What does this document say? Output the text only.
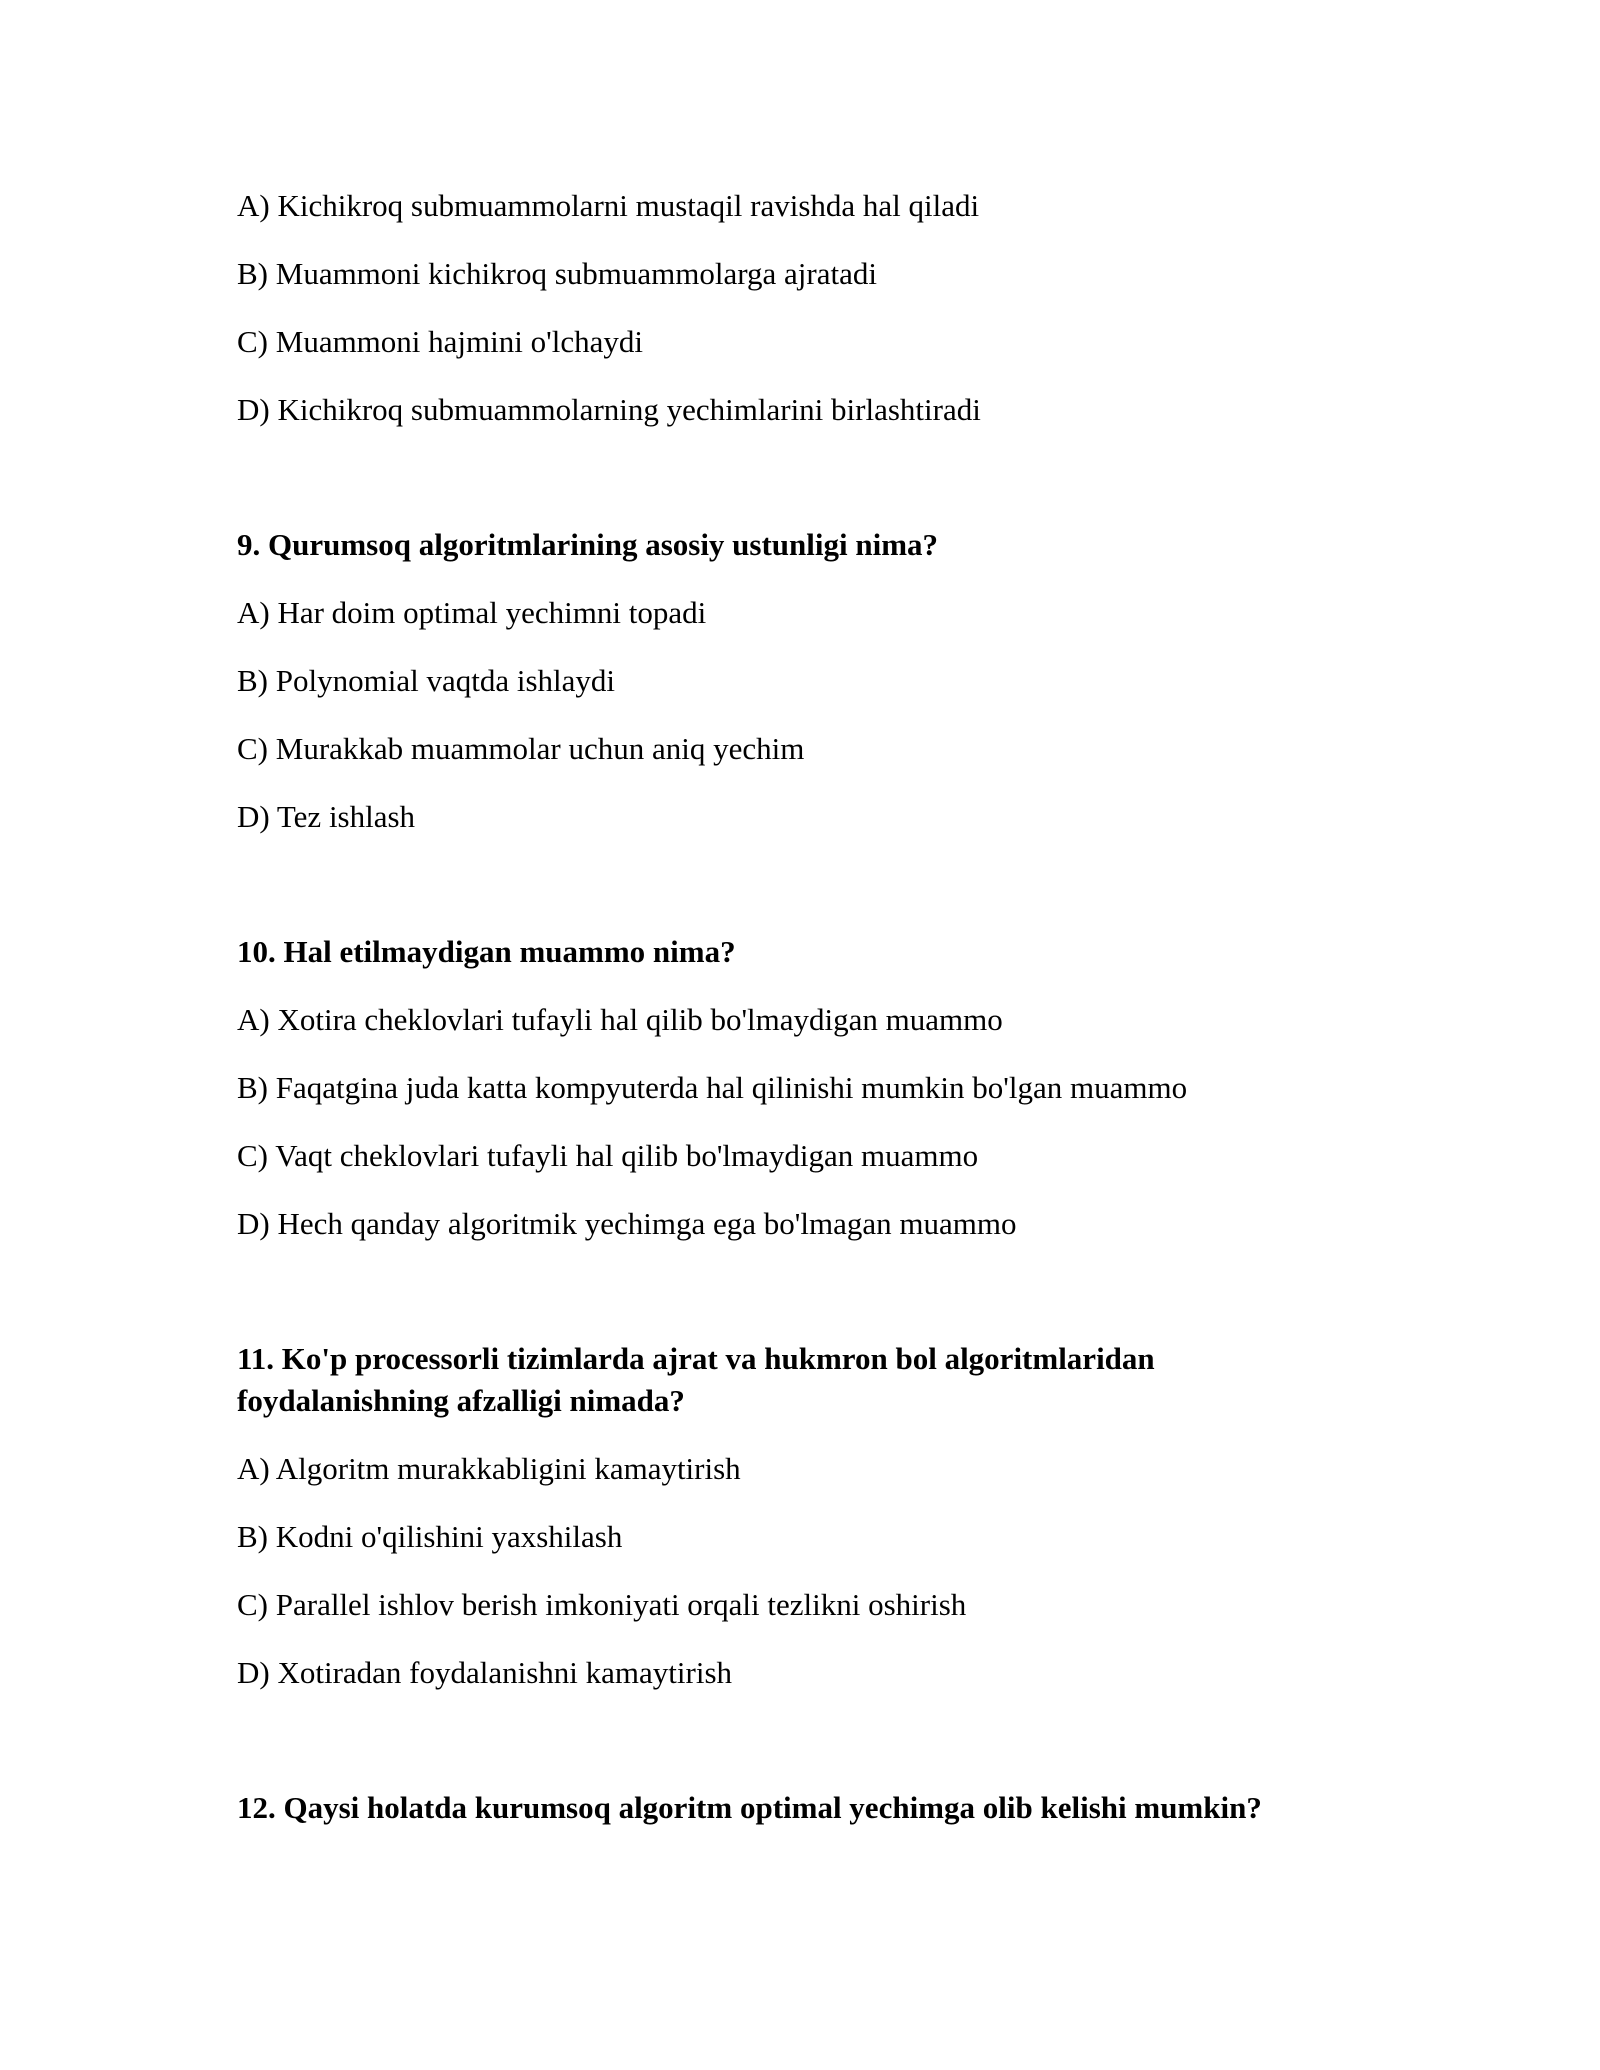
A) Kichikroq submuammolarni mustaqil ravishda hal qiladi
B) Muammoni kichikroq submuammolarga ajratadi
C) Muammoni hajmini o'lchaydi
D) Kichikroq submuammolarning yechimlarini birlashtiradi
9. Qurumsoq algoritmlarining asosiy ustunligi nima?
A) Har doim optimal yechimni topadi
B) Polynomial vaqtda ishlaydi
C) Murakkab muammolar uchun aniq yechim
D) Tez ishlash
10. Hal etilmaydigan muammo nima?
A) Xotira cheklovlari tufayli hal qilib bo'lmaydigan muammo
B) Faqatgina juda katta kompyuterda hal qilinishi mumkin bo'lgan muammo
C) Vaqt cheklovlari tufayli hal qilib bo'lmaydigan muammo
D) Hech qanday algoritmik yechimga ega bo'lmagan muammo
11. Ko'p processorli tizimlarda ajrat va hukmron bol algoritmlaridan
foydalanishning afzalligi nimada?
A) Algoritm murakkabligini kamaytirish
B) Kodni o'qilishini yaxshilash
C) Parallel ishlov berish imkoniyati orqali tezlikni oshirish
D) Xotiradan foydalanishni kamaytirish
12. Qaysi holatda kurumsoq algoritm optimal yechimga olib kelishi mumkin?
